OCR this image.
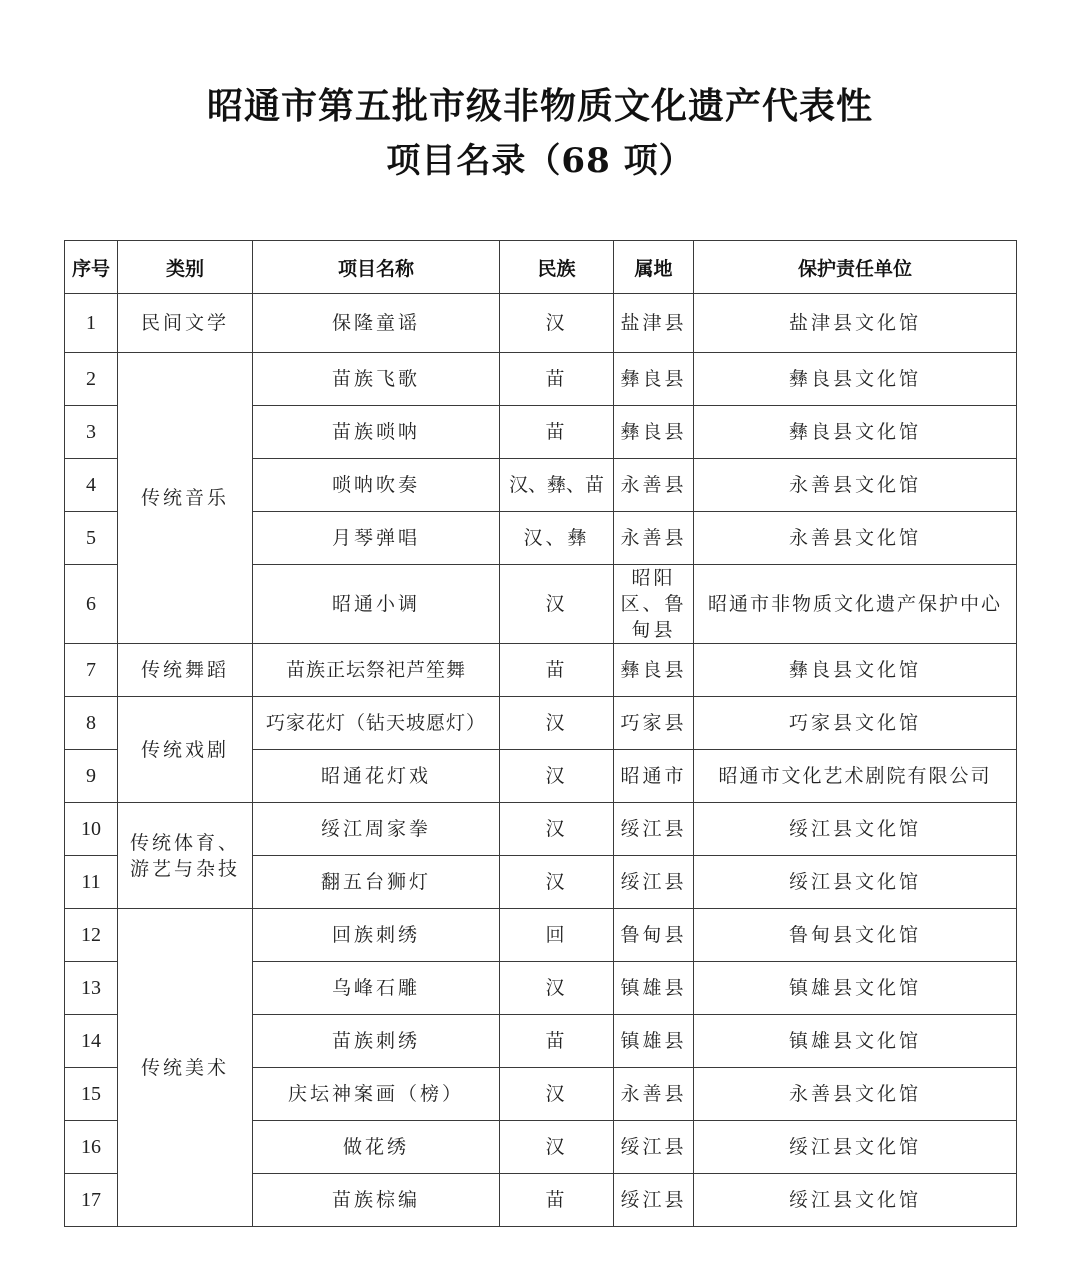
昭通市第五批市级非物质文化遗产代表性
项目名录（68 项）
序号	类别	项目名称	民族	属地	保护责任单位
1	民间文学	保隆童谣	汉	盐津县	盐津县文化馆
2	传统音乐	苗族飞歌	苗	彝良县	彝良县文化馆
3		苗族唢呐	苗	彝良县	彝良县文化馆
4		唢呐吹奏	汉、彝、苗	永善县	永善县文化馆
5		月琴弹唱	汉、彝	永善县	永善县文化馆
6		昭通小调	汉	昭阳区、鲁甸县	昭通市非物质文化遗产保护中心
7	传统舞蹈	苗族正坛祭祀芦笙舞	苗	彝良县	彝良县文化馆
8	传统戏剧	巧家花灯（钻天坡愿灯）	汉	巧家县	巧家县文化馆
9		昭通花灯戏	汉	昭通市	昭通市文化艺术剧院有限公司
10	传统体育、游艺与杂技	绥江周家拳	汉	绥江县	绥江县文化馆
11		翻五台狮灯	汉	绥江县	绥江县文化馆
12	传统美术	回族刺绣	回	鲁甸县	鲁甸县文化馆
13		乌峰石雕	汉	镇雄县	镇雄县文化馆
14		苗族刺绣	苗	镇雄县	镇雄县文化馆
15		庆坛神案画（榜）	汉	永善县	永善县文化馆
16		做花绣	汉	绥江县	绥江县文化馆
17		苗族棕编	苗	绥江县	绥江县文化馆
